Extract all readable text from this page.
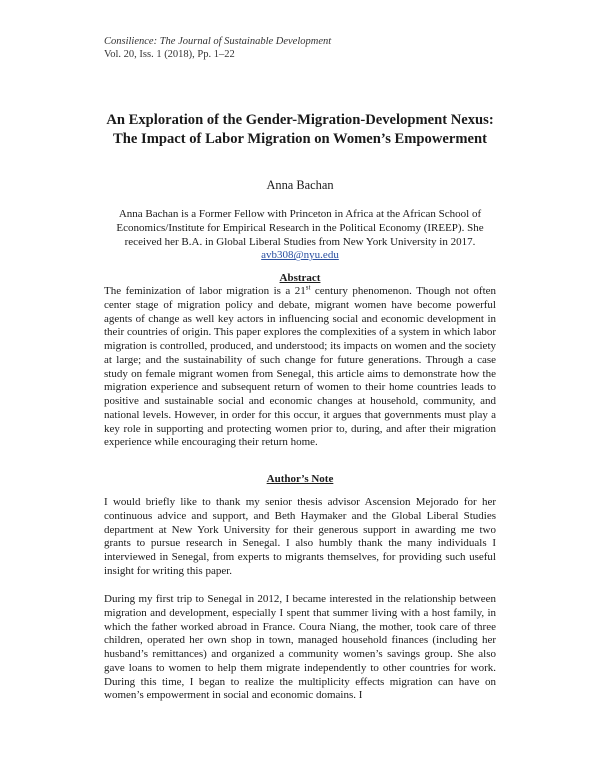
Consilience: The Journal of Sustainable Development
Vol. 20, Iss. 1 (2018), Pp. 1–22
An Exploration of the Gender-Migration-Development Nexus: The Impact of Labor Migration on Women’s Empowerment
Anna Bachan
Anna Bachan is a Former Fellow with Princeton in Africa at the African School of Economics/Institute for Empirical Research in the Political Economy (IREEP). She received her B.A. in Global Liberal Studies from New York University in 2017.
avb308@nyu.edu
Abstract

The feminization of labor migration is a 21st century phenomenon. Though not often center stage of migration policy and debate, migrant women have become powerful agents of change as well key actors in influencing social and economic development in their countries of origin. This paper explores the complexities of a system in which labor migration is controlled, produced, and understood; its impacts on women and the society at large; and the sustainability of such change for future generations. Through a case study on female migrant women from Senegal, this article aims to demonstrate how the migration experience and subsequent return of women to their home countries leads to positive and sustainable social and economic changes at household, community, and national levels. However, in order for this occur, it argues that governments must play a key role in supporting and protecting women prior to, during, and after their migration experience while encouraging their return home.

Author’s Note

I would briefly like to thank my senior thesis advisor Ascension Mejorado for her continuous advice and support, and Beth Haymaker and the Global Liberal Studies department at New York University for their generous support in awarding me two grants to pursue research in Senegal. I also humbly thank the many individuals I interviewed in Senegal, from experts to migrants themselves, for providing such useful insight for writing this paper.

During my first trip to Senegal in 2012, I became interested in the relationship between migration and development, especially I spent that summer living with a host family, in which the father worked abroad in France. Coura Niang, the mother, took care of three children, operated her own shop in town, managed household finances (including her husband’s remittances) and organized a community women’s savings group. She also gave loans to women to help them migrate independently to other countries for work. During this time, I began to realize the multiplicity effects migration can have on women’s empowerment in social and economic domains. I
